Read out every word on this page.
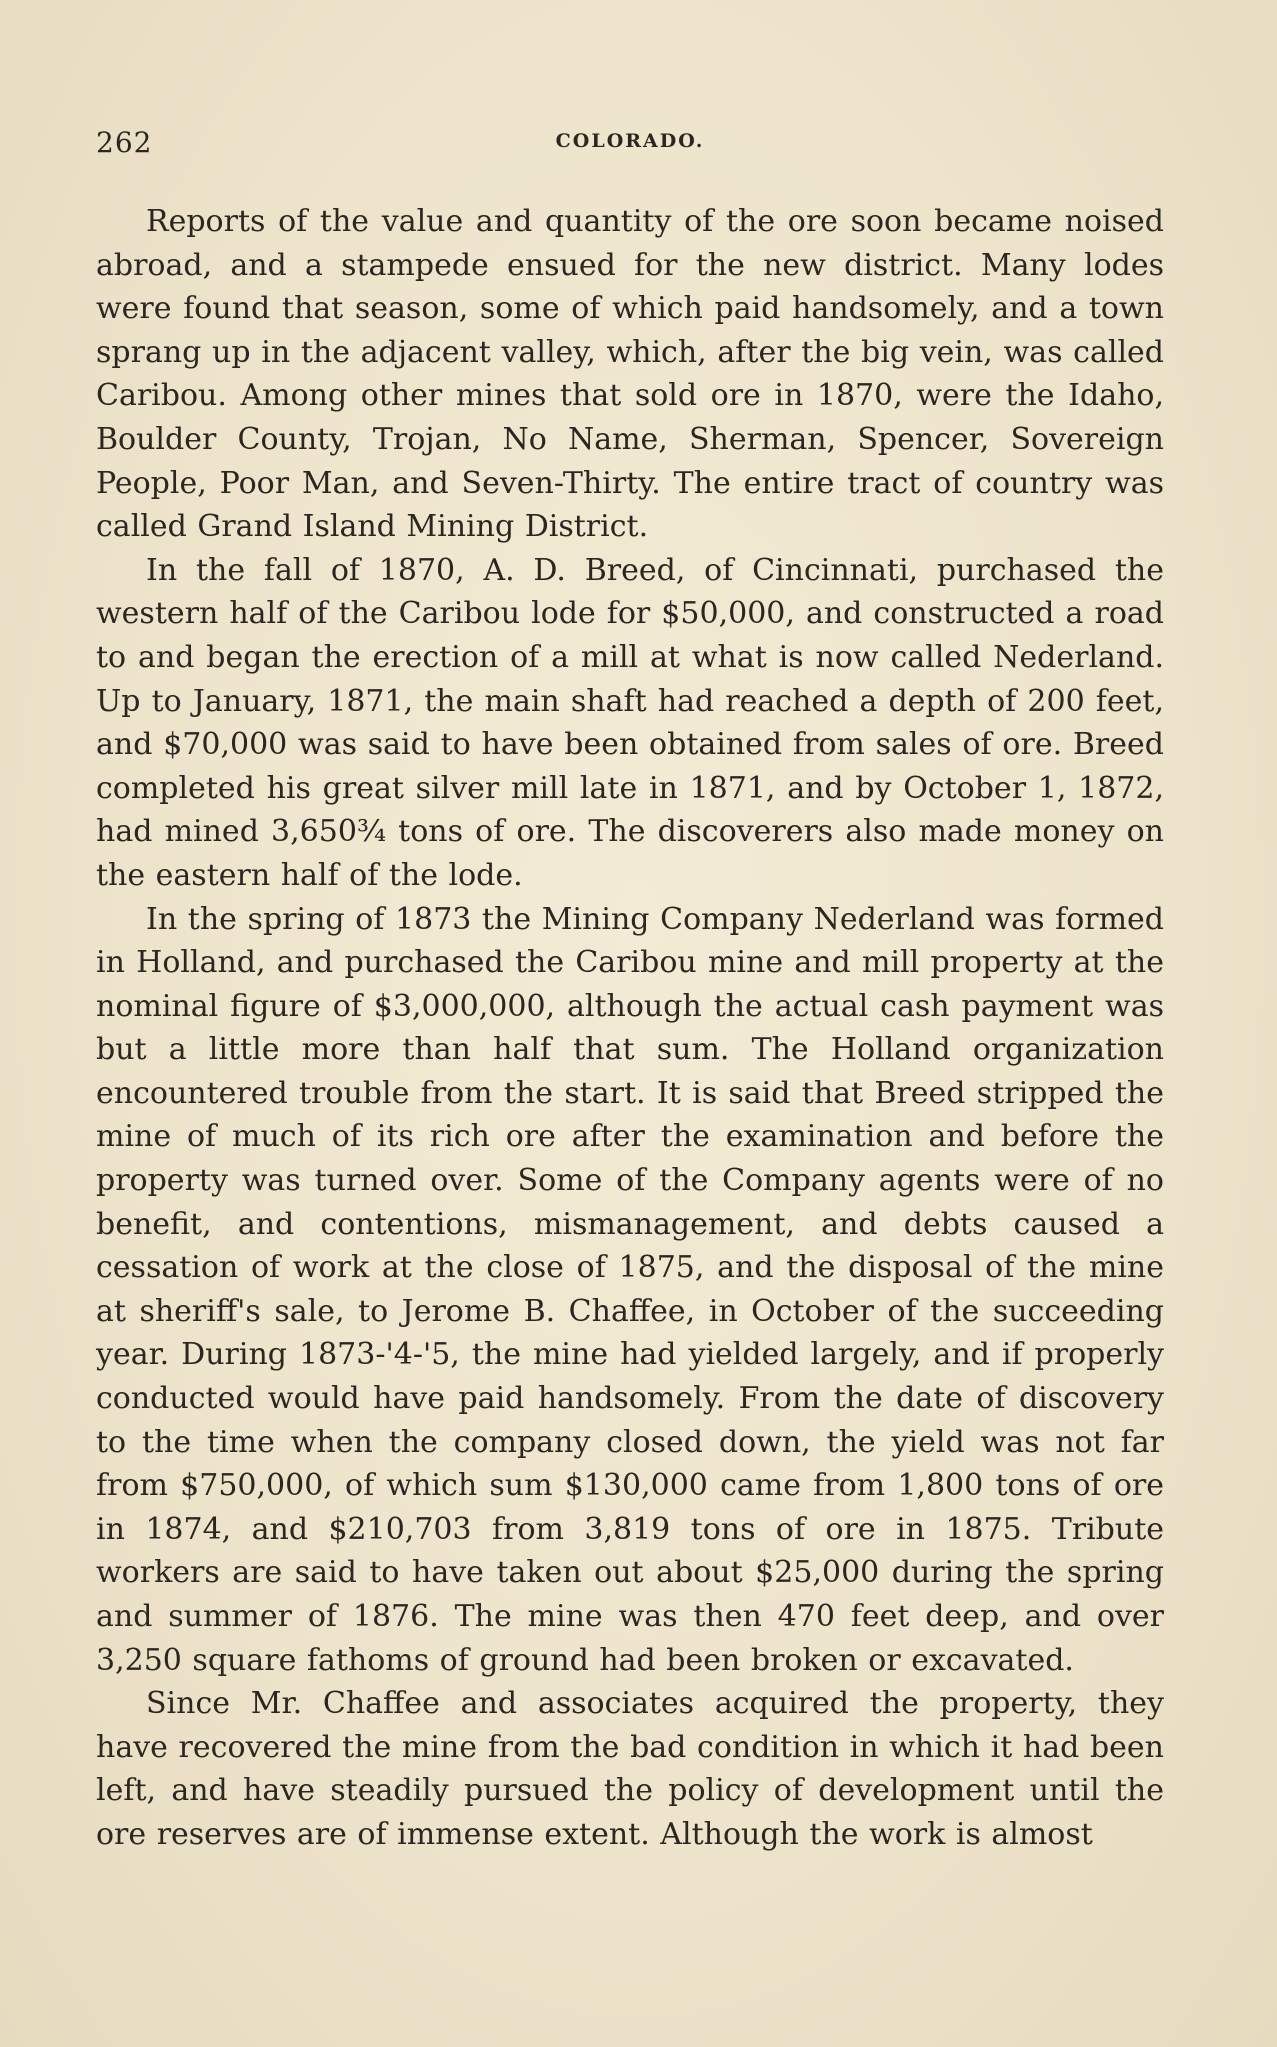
262	COLORADO.

Reports of the value and quantity of the ore soon became noised abroad, and a stampede ensued for the new district. Many lodes were found that season, some of which paid handsomely, and a town sprang up in the adjacent valley, which, after the big vein, was called Caribou. Among other mines that sold ore in 1870, were the Idaho, Boulder County, Trojan, No Name, Sherman, Spencer, Sovereign People, Poor Man, and Seven-Thirty. The entire tract of country was called Grand Island Mining District.

In the fall of 1870, A. D. Breed, of Cincinnati, purchased the western half of the Caribou lode for $50,000, and constructed a road to and began the erection of a mill at what is now called Nederland. Up to January, 1871, the main shaft had reached a depth of 200 feet, and $70,000 was said to have been obtained from sales of ore. Breed completed his great silver mill late in 1871, and by October 1, 1872, had mined 3,650¾ tons of ore. The discoverers also made money on the eastern half of the lode.

In the spring of 1873 the Mining Company Nederland was formed in Holland, and purchased the Caribou mine and mill property at the nominal figure of $3,000,000, although the actual cash payment was but a little more than half that sum. The Holland organization encountered trouble from the start. It is said that Breed stripped the mine of much of its rich ore after the examination and before the property was turned over. Some of the Company agents were of no benefit, and contentions, mismanagement, and debts caused a cessation of work at the close of 1875, and the disposal of the mine at sheriff's sale, to Jerome B. Chaffee, in October of the succeeding year. During 1873-'4-'5, the mine had yielded largely, and if properly conducted would have paid handsomely. From the date of discovery to the time when the company closed down, the yield was not far from $750,000, of which sum $130,000 came from 1,800 tons of ore in 1874, and $210,703 from 3,819 tons of ore in 1875. Tribute workers are said to have taken out about $25,000 during the spring and summer of 1876. The mine was then 470 feet deep, and over 3,250 square fathoms of ground had been broken or excavated.

Since Mr. Chaffee and associates acquired the property, they have recovered the mine from the bad condition in which it had been left, and have steadily pursued the policy of development until the ore reserves are of immense extent. Although the work is almost
